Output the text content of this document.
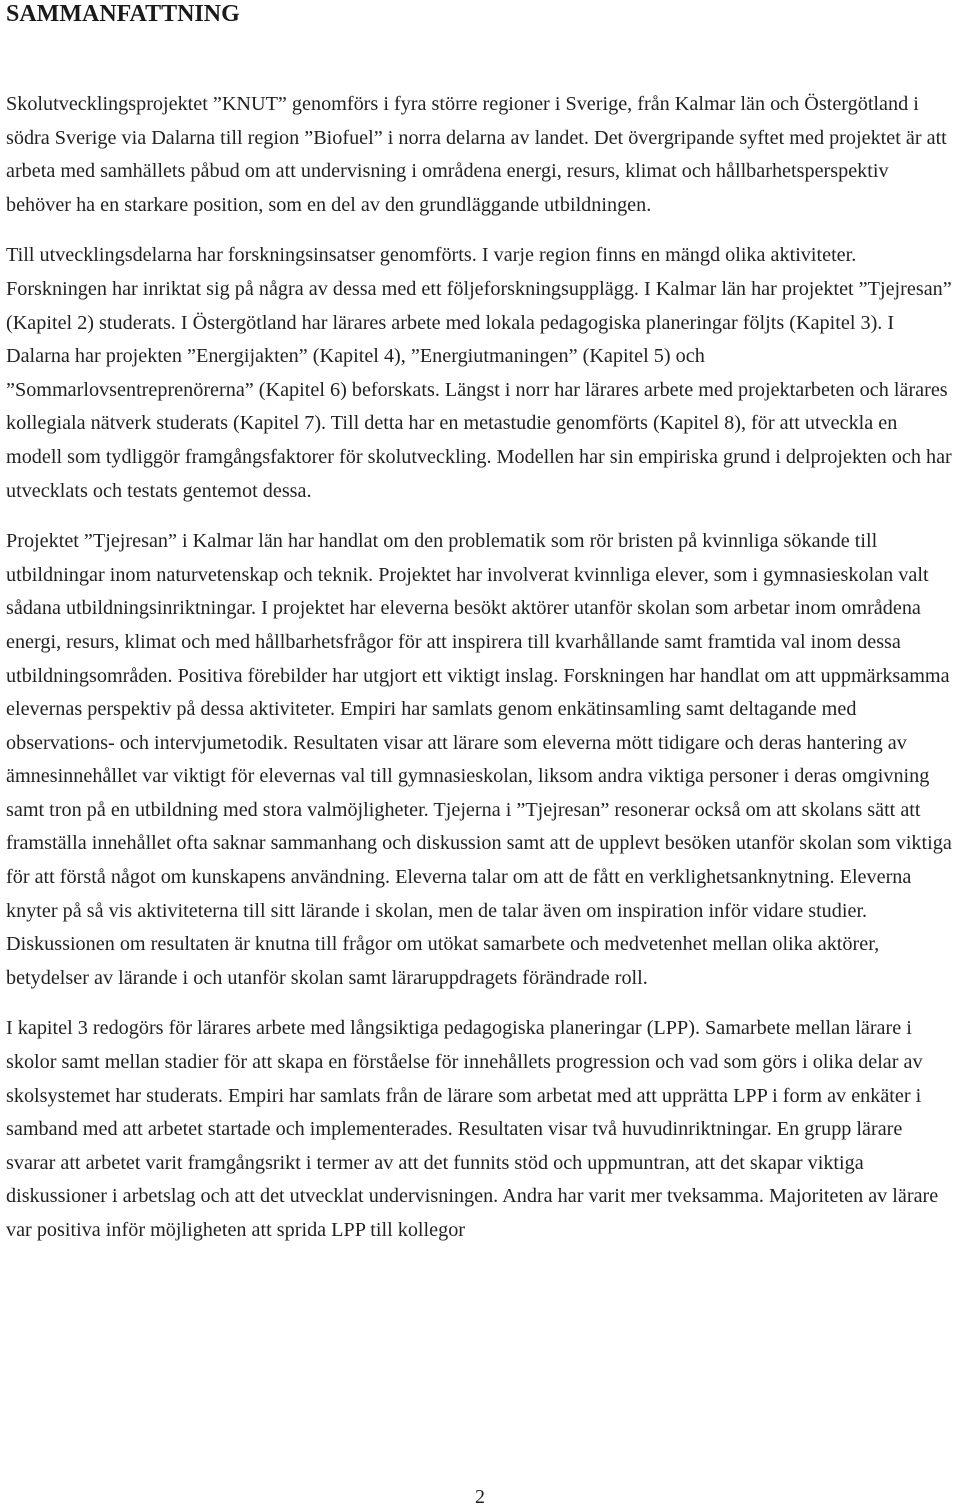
SAMMANFATTNING

Skolutvecklingsprojektet ”KNUT” genomförs i fyra större regioner i Sverige, från Kalmar län och Östergötland i södra Sverige via Dalarna till region ”Biofuel” i norra delarna av landet. Det övergripande syftet med projektet är att arbeta med samhällets påbud om att undervisning i områdena energi, resurs, klimat och hållbarhetsperspektiv behöver ha en starkare position, som en del av den grundläggande utbildningen.

Till utvecklingsdelarna har forskningsinsatser genomförts. I varje region finns en mängd olika aktiviteter. Forskningen har inriktat sig på några av dessa med ett följeforskningsupplägg. I Kalmar län har projektet ”Tjejresan” (Kapitel 2) studerats. I Östergötland har lärares arbete med lokala pedagogiska planeringar följts (Kapitel 3). I Dalarna har projekten ”Energijakten” (Kapitel 4), ”Energiutmaningen” (Kapitel 5) och ”Sommarlovsentreprenörerna” (Kapitel 6) beforskats. Längst i norr har lärares arbete med projektarbeten och lärares kollegiala nätverk studerats (Kapitel 7). Till detta har en metastudie genomförts (Kapitel 8), för att utveckla en modell som tydliggör framgångsfaktorer för skolutveckling. Modellen har sin empiriska grund i delprojekten och har utvecklats och testats gentemot dessa.

Projektet ”Tjejresan” i Kalmar län har handlat om den problematik som rör bristen på kvinnliga sökande till utbildningar inom naturvetenskap och teknik. Projektet har involverat kvinnliga elever, som i gymnasieskolan valt sådana utbildningsinriktningar. I projektet har eleverna besökt aktörer utanför skolan som arbetar inom områdena energi, resurs, klimat och med hållbarhetsfrågor för att inspirera till kvarhållande samt framtida val inom dessa utbildningsområden. Positiva förebilder har utgjort ett viktigt inslag. Forskningen har handlat om att uppmärksamma elevernas perspektiv på dessa aktiviteter. Empiri har samlats genom enkätinsamling samt deltagande med observations- och intervjumetodik. Resultaten visar att lärare som eleverna mött tidigare och deras hantering av ämnesinnehållet var viktigt för elevernas val till gymnasieskolan, liksom andra viktiga personer i deras omgivning samt tron på en utbildning med stora valmöjligheter. Tjejerna i ”Tjejresan” resonerar också om att skolans sätt att framställa innehållet ofta saknar sammanhang och diskussion samt att de upplevt besöken utanför skolan som viktiga för att förstå något om kunskapens användning. Eleverna talar om att de fått en verklighetsanknytning. Eleverna knyter på så vis aktiviteterna till sitt lärande i skolan, men de talar även om inspiration inför vidare studier. Diskussionen om resultaten är knutna till frågor om utökat samarbete och medvetenhet mellan olika aktörer, betydelser av lärande i och utanför skolan samt läraruppdragets förändrade roll.

I kapitel 3 redogörs för lärares arbete med långsiktiga pedagogiska planeringar (LPP). Samarbete mellan lärare i skolor samt mellan stadier för att skapa en förståelse för innehållets progression och vad som görs i olika delar av skolsystemet har studerats. Empiri har samlats från de lärare som arbetat med att upprätta LPP i form av enkäter i samband med att arbetet startade och implementerades. Resultaten visar två huvudinriktningar. En grupp lärare svarar att arbetet varit framgångsrikt i termer av att det funnits stöd och uppmuntran, att det skapar viktiga diskussioner i arbetslag och att det utvecklat undervisningen. Andra har varit mer tveksamma. Majoriteten av lärare var positiva inför möjligheten att sprida LPP till kollegor

2
